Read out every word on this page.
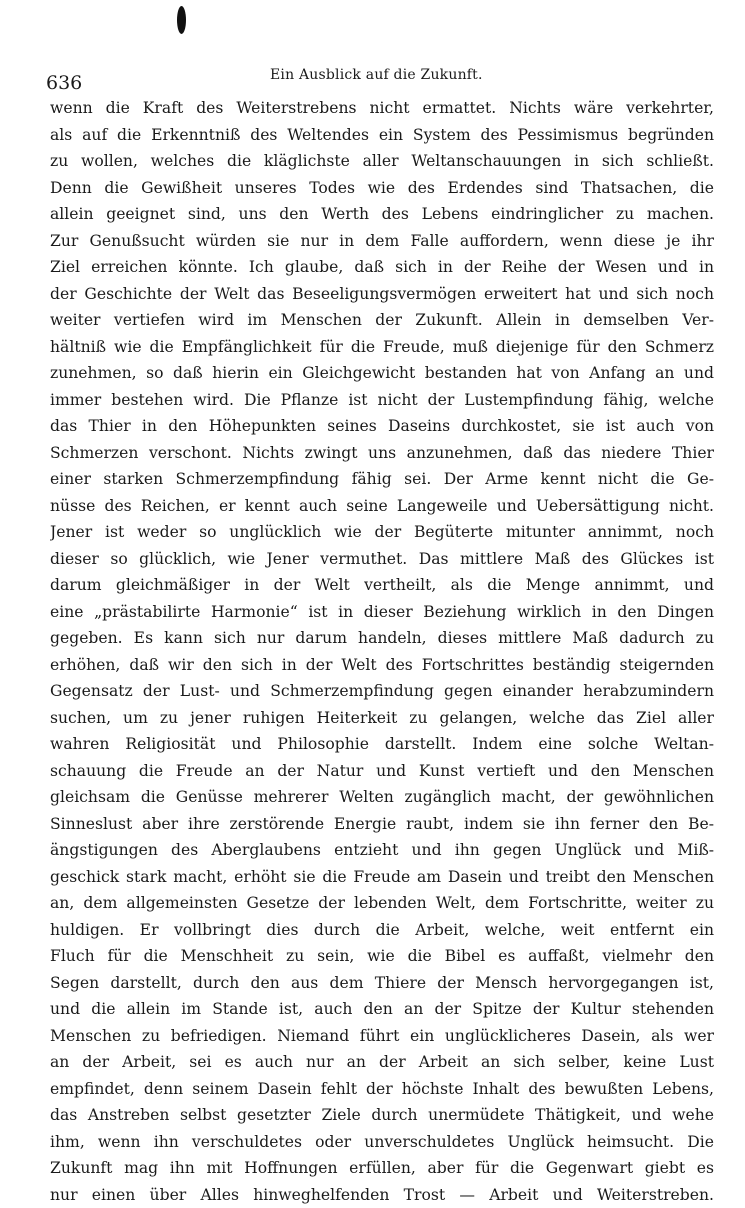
636	Ein Ausblick auf die Zukunft.
wenn die Kraft des Weiterstrebens nicht ermattet. Nichts wäre verkehrter,
als auf die Erkenntniß des Weltendes ein System des Pessimismus begründen
zu wollen, welches die kläglichste aller Weltanschauungen in sich schließt.
Denn die Gewißheit unseres Todes wie des Erdendes sind Thatsachen, die
allein geeignet sind, uns den Werth des Lebens eindringlicher zu machen.
Zur Genußsucht würden sie nur in dem Falle auffordern, wenn diese je ihr
Ziel erreichen könnte. Ich glaube, daß sich in der Reihe der Wesen und in
der Geschichte der Welt das Beseeligungsvermögen erweitert hat und sich noch
weiter vertiefen wird im Menschen der Zukunft. Allein in demselben Ver-
hältniß wie die Empfänglichkeit für die Freude, muß diejenige für den Schmerz
zunehmen, so daß hierin ein Gleichgewicht bestanden hat von Anfang an und
immer bestehen wird. Die Pflanze ist nicht der Lustempfindung fähig, welche
das Thier in den Höhepunkten seines Daseins durchkostet, sie ist auch von
Schmerzen verschont. Nichts zwingt uns anzunehmen, daß das niedere Thier
einer starken Schmerzempfindung fähig sei. Der Arme kennt nicht die Ge-
nüsse des Reichen, er kennt auch seine Langeweile und Uebersättigung nicht.
Jener ist weder so unglücklich wie der Begüterte mitunter annimmt, noch
dieser so glücklich, wie Jener vermuthet. Das mittlere Maß des Glückes ist
darum gleichmäßiger in der Welt vertheilt, als die Menge annimmt, und
eine „prästabilirte Harmonie“ ist in dieser Beziehung wirklich in den Dingen
gegeben. Es kann sich nur darum handeln, dieses mittlere Maß dadurch zu
erhöhen, daß wir den sich in der Welt des Fortschrittes beständig steigernden
Gegensatz der Lust- und Schmerzempfindung gegen einander herabzumindern
suchen, um zu jener ruhigen Heiterkeit zu gelangen, welche das Ziel aller
wahren Religiosität und Philosophie darstellt. Indem eine solche Weltan-
schauung die Freude an der Natur und Kunst vertieft und den Menschen
gleichsam die Genüsse mehrerer Welten zugänglich macht, der gewöhnlichen
Sinneslust aber ihre zerstörende Energie raubt, indem sie ihn ferner den Be-
ängstigungen des Aberglaubens entzieht und ihn gegen Unglück und Miß-
geschick stark macht, erhöht sie die Freude am Dasein und treibt den Menschen
an, dem allgemeinsten Gesetze der lebenden Welt, dem Fortschritte, weiter zu
huldigen. Er vollbringt dies durch die Arbeit, welche, weit entfernt ein
Fluch für die Menschheit zu sein, wie die Bibel es auffaßt, vielmehr den
Segen darstellt, durch den aus dem Thiere der Mensch hervorgegangen ist,
und die allein im Stande ist, auch den an der Spitze der Kultur stehenden
Menschen zu befriedigen. Niemand führt ein unglücklicheres Dasein, als wer
an der Arbeit, sei es auch nur an der Arbeit an sich selber, keine Lust
empfindet, denn seinem Dasein fehlt der höchste Inhalt des bewußten Lebens,
das Anstreben selbst gesetzter Ziele durch unermüdete Thätigkeit, und wehe
ihm, wenn ihn verschuldetes oder unverschuldetes Unglück heimsucht. Die
Zukunft mag ihn mit Hoffnungen erfüllen, aber für die Gegenwart giebt es
nur einen über Alles hinweghelfenden Trost — Arbeit und Weiterstreben.
